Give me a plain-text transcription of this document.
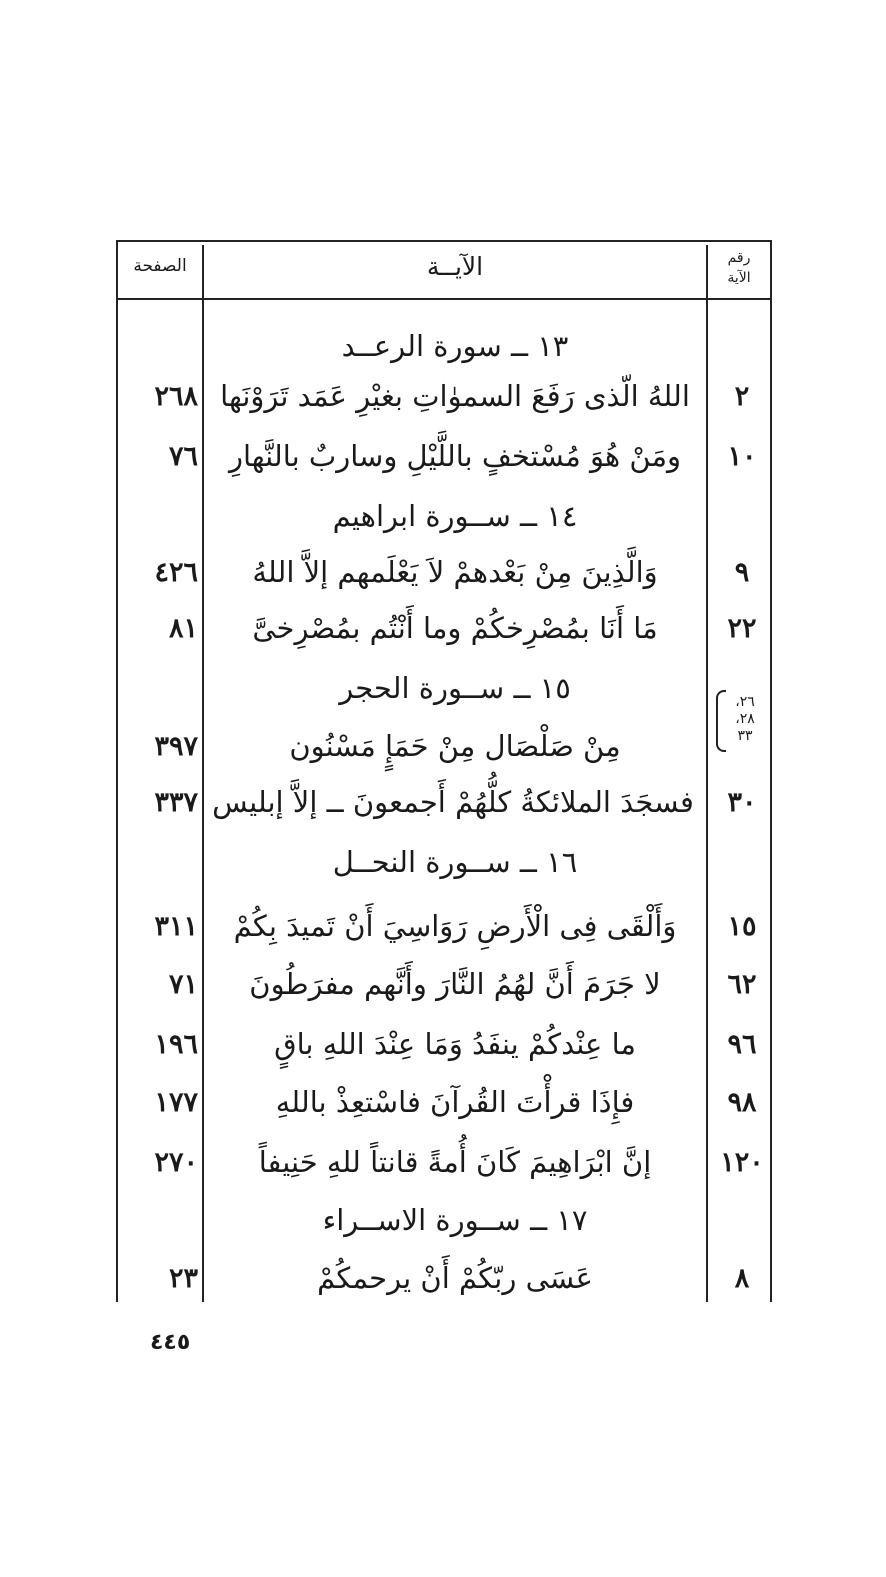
الصفحة	الآيــة	رقم
الآية
١٣ ــ سورة الرعــد
٢
اللهُ الّذى رَفَعَ السموٰاتِ بغيْرِ عَمَد تَرَوْنَها
٢٦٨
١٠
ومَنْ هُوَ مُسْتخفٍ باللَّيْلِ وساربٌ بالنَّهارِ
٧٦
١٤ ــ ســورة ابراهيم
٩
وَالَّذِينَ مِنْ بَعْدهمْ لاَ يَعْلَمهم إلاَّ اللهُ
٤٢٦
٢٢
مَا أَنَا بمُصْرِخكُمْ وما أَنْتُم بمُصْرِخىَّ
٨١
١٥ ــ ســورة الحجر
مِنْ صَلْصَال مِنْ حَمَإٍ مَسْنُون
٣٩٧
٢٦،
٢٨،
٣٣
٣٠
فسجَدَ الملائكةُ كلُّهُمْ أَجمعونَ ــ إلاَّ إبليس
٣٣٧
١٦ ــ ســورة النحــل
١٥
وَأَلْقَى فِى الْأَرضِ رَوَاسِيَ أَنْ تَميدَ بِكُمْ
٣١١
٦٢
لا جَرَمَ أَنَّ لهُمُ النَّارَ وأَنَّهم مفرَطُونَ
٧١
٩٦
ما عِنْدكُمْ ينفَدُ وَمَا عِنْدَ اللهِ باقٍ
١٩٦
٩٨
فإِذَا قرأْتَ القُرآنَ فاسْتعِذْ باللهِ
١٧٧
١٢٠
إنَّ ابْرَاهِيمَ كَانَ أُمةً قانتاً للهِ حَنِيفاً
٢٧٠
١٧ ــ ســورة الاســراء
٨
عَسَى ربّكُمْ أَنْ يرحمكُمْ
٢٣
٤٤٥
